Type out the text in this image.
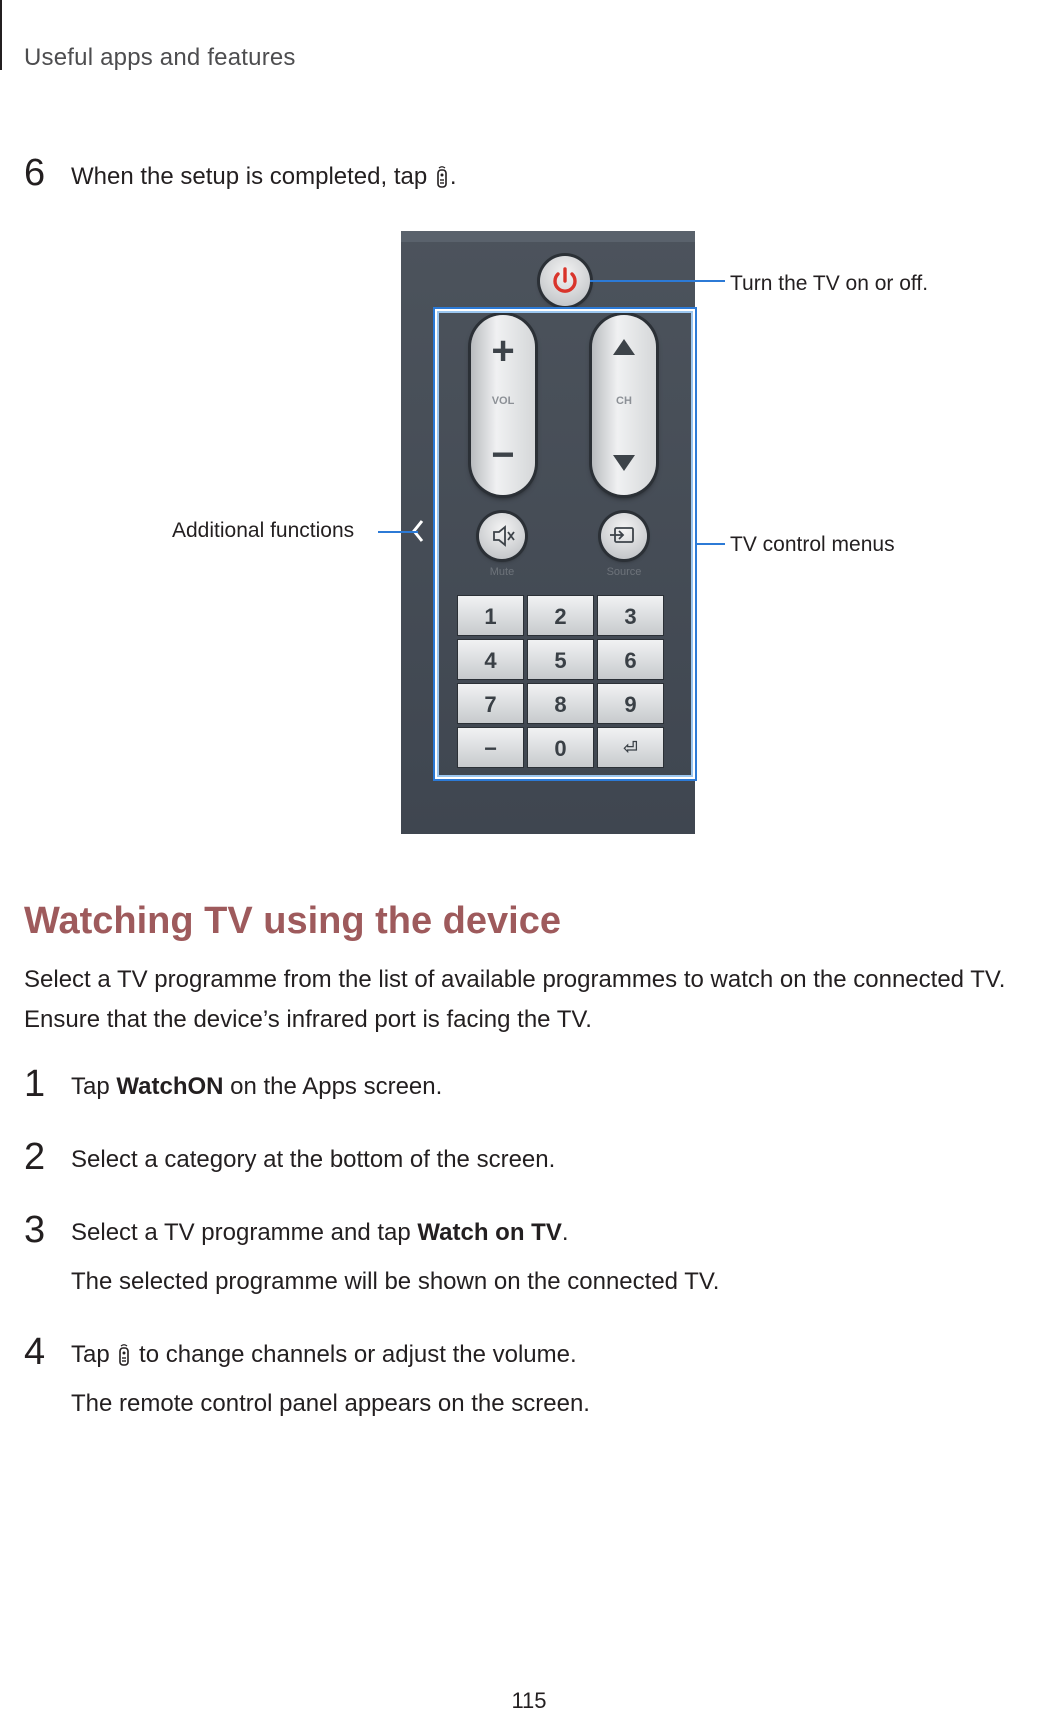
Useful apps and features
6 When the setup is completed, tap .
+
VOL
−
CH
Mute	Source
1	2	3
4	5	6
7	8	9
−	0	⏎
Turn the TV on or off.
Additional functions
TV control menus
Watching TV using the device
Select a TV programme from the list of available programmes to watch on the connected TV.
Ensure that the device’s infrared port is facing the TV.
1 Tap WatchON on the Apps screen.
2 Select a category at the bottom of the screen.
3 Select a TV programme and tap Watch on TV.
The selected programme will be shown on the connected TV.
4 Tap to change channels or adjust the volume.
The remote control panel appears on the screen.
115
